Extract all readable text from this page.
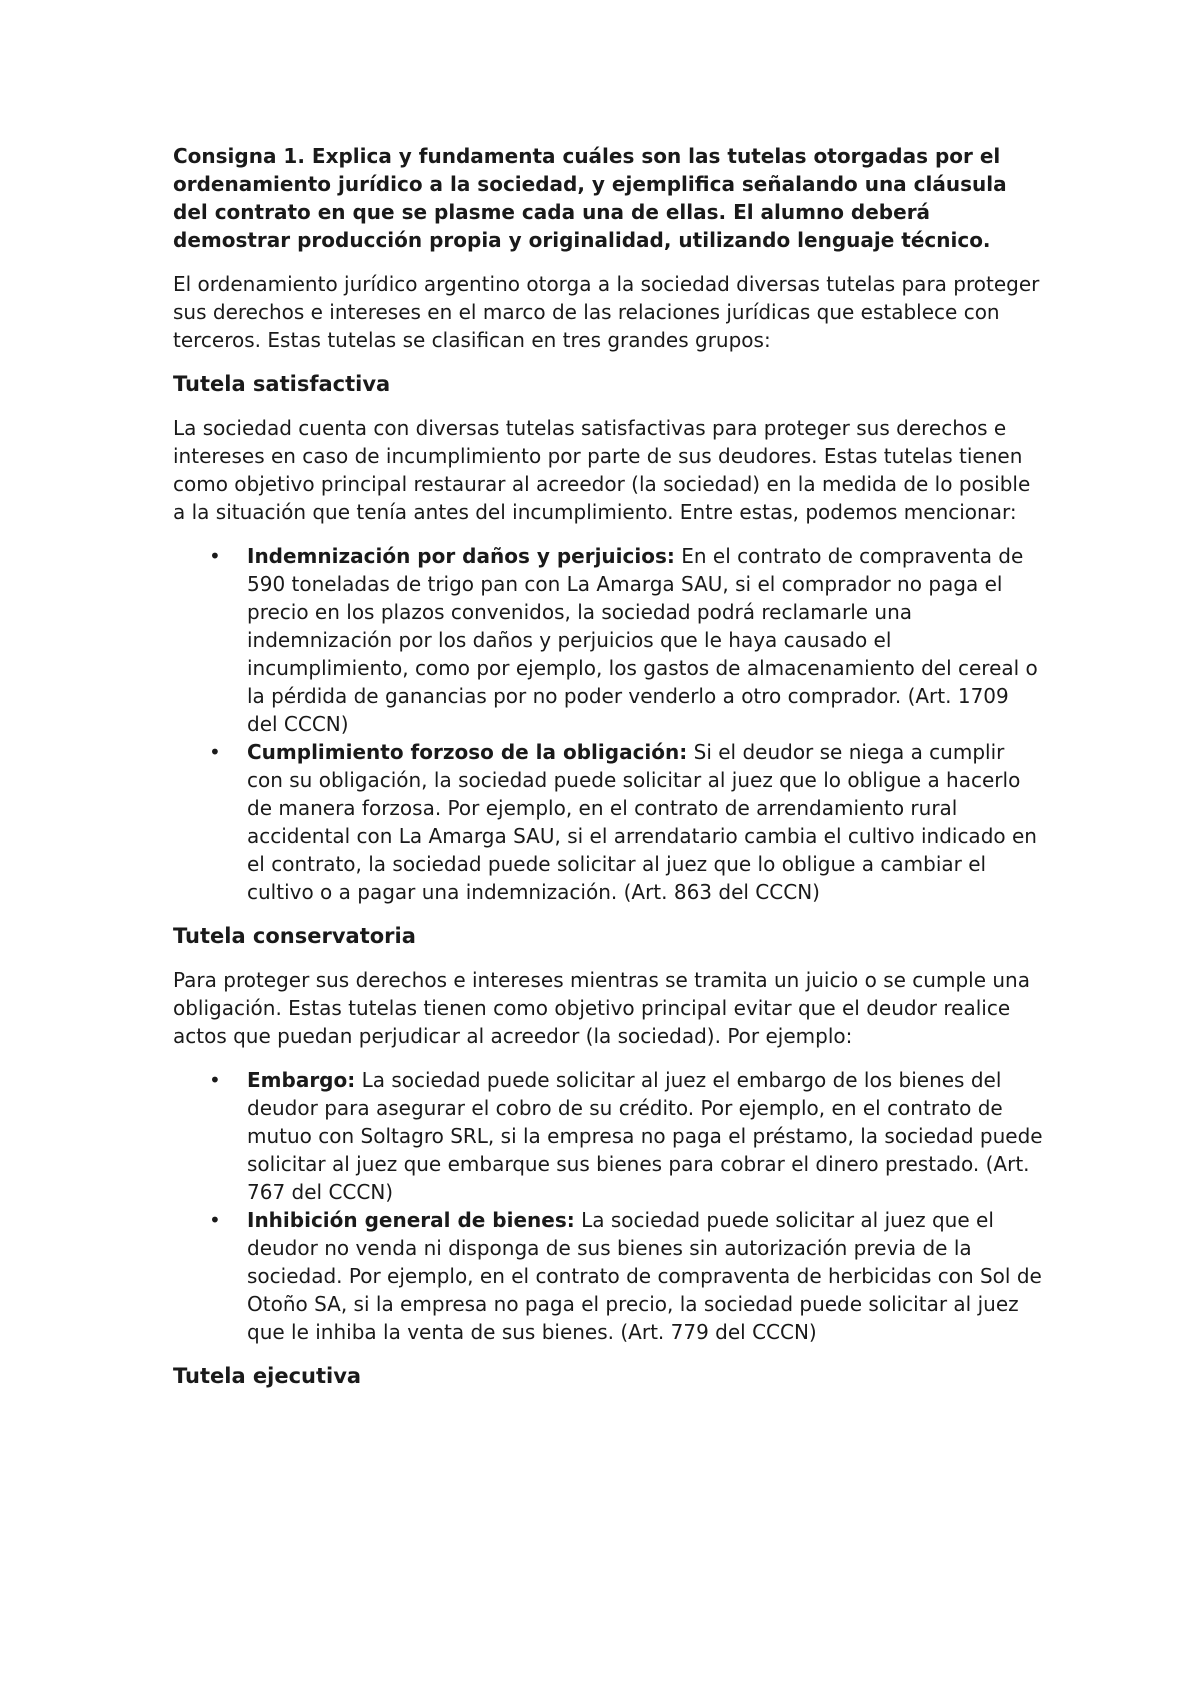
Consigna 1. Explica y fundamenta cuáles son las tutelas otorgadas por el ordenamiento jurídico a la sociedad, y ejemplifica señalando una cláusula del contrato en que se plasme cada una de ellas. El alumno deberá demostrar producción propia y originalidad, utilizando lenguaje técnico.

El ordenamiento jurídico argentino otorga a la sociedad diversas tutelas para proteger sus derechos e intereses en el marco de las relaciones jurídicas que establece con terceros. Estas tutelas se clasifican en tres grandes grupos:

Tutela satisfactiva

La sociedad cuenta con diversas tutelas satisfactivas para proteger sus derechos e intereses en caso de incumplimiento por parte de sus deudores. Estas tutelas tienen como objetivo principal restaurar al acreedor (la sociedad) en la medida de lo posible a la situación que tenía antes del incumplimiento. Entre estas, podemos mencionar:

• Indemnización por daños y perjuicios: En el contrato de compraventa de 590 toneladas de trigo pan con La Amarga SAU, si el comprador no paga el precio en los plazos convenidos, la sociedad podrá reclamarle una indemnización por los daños y perjuicios que le haya causado el incumplimiento, como por ejemplo, los gastos de almacenamiento del cereal o la pérdida de ganancias por no poder venderlo a otro comprador. (Art. 1709 del CCCN)
• Cumplimiento forzoso de la obligación: Si el deudor se niega a cumplir con su obligación, la sociedad puede solicitar al juez que lo obligue a hacerlo de manera forzosa. Por ejemplo, en el contrato de arrendamiento rural accidental con La Amarga SAU, si el arrendatario cambia el cultivo indicado en el contrato, la sociedad puede solicitar al juez que lo obligue a cambiar el cultivo o a pagar una indemnización. (Art. 863 del CCCN)
Tutela conservatoria

Para proteger sus derechos e intereses mientras se tramita un juicio o se cumple una obligación. Estas tutelas tienen como objetivo principal evitar que el deudor realice actos que puedan perjudicar al acreedor (la sociedad). Por ejemplo:

• Embargo: La sociedad puede solicitar al juez el embargo de los bienes del deudor para asegurar el cobro de su crédito. Por ejemplo, en el contrato de mutuo con Soltagro SRL, si la empresa no paga el préstamo, la sociedad puede solicitar al juez que embarque sus bienes para cobrar el dinero prestado. (Art. 767 del CCCN)
• Inhibición general de bienes: La sociedad puede solicitar al juez que el deudor no venda ni disponga de sus bienes sin autorización previa de la sociedad. Por ejemplo, en el contrato de compraventa de herbicidas con Sol de Otoño SA, si la empresa no paga el precio, la sociedad puede solicitar al juez que le inhiba la venta de sus bienes. (Art. 779 del CCCN)
Tutela ejecutiva
